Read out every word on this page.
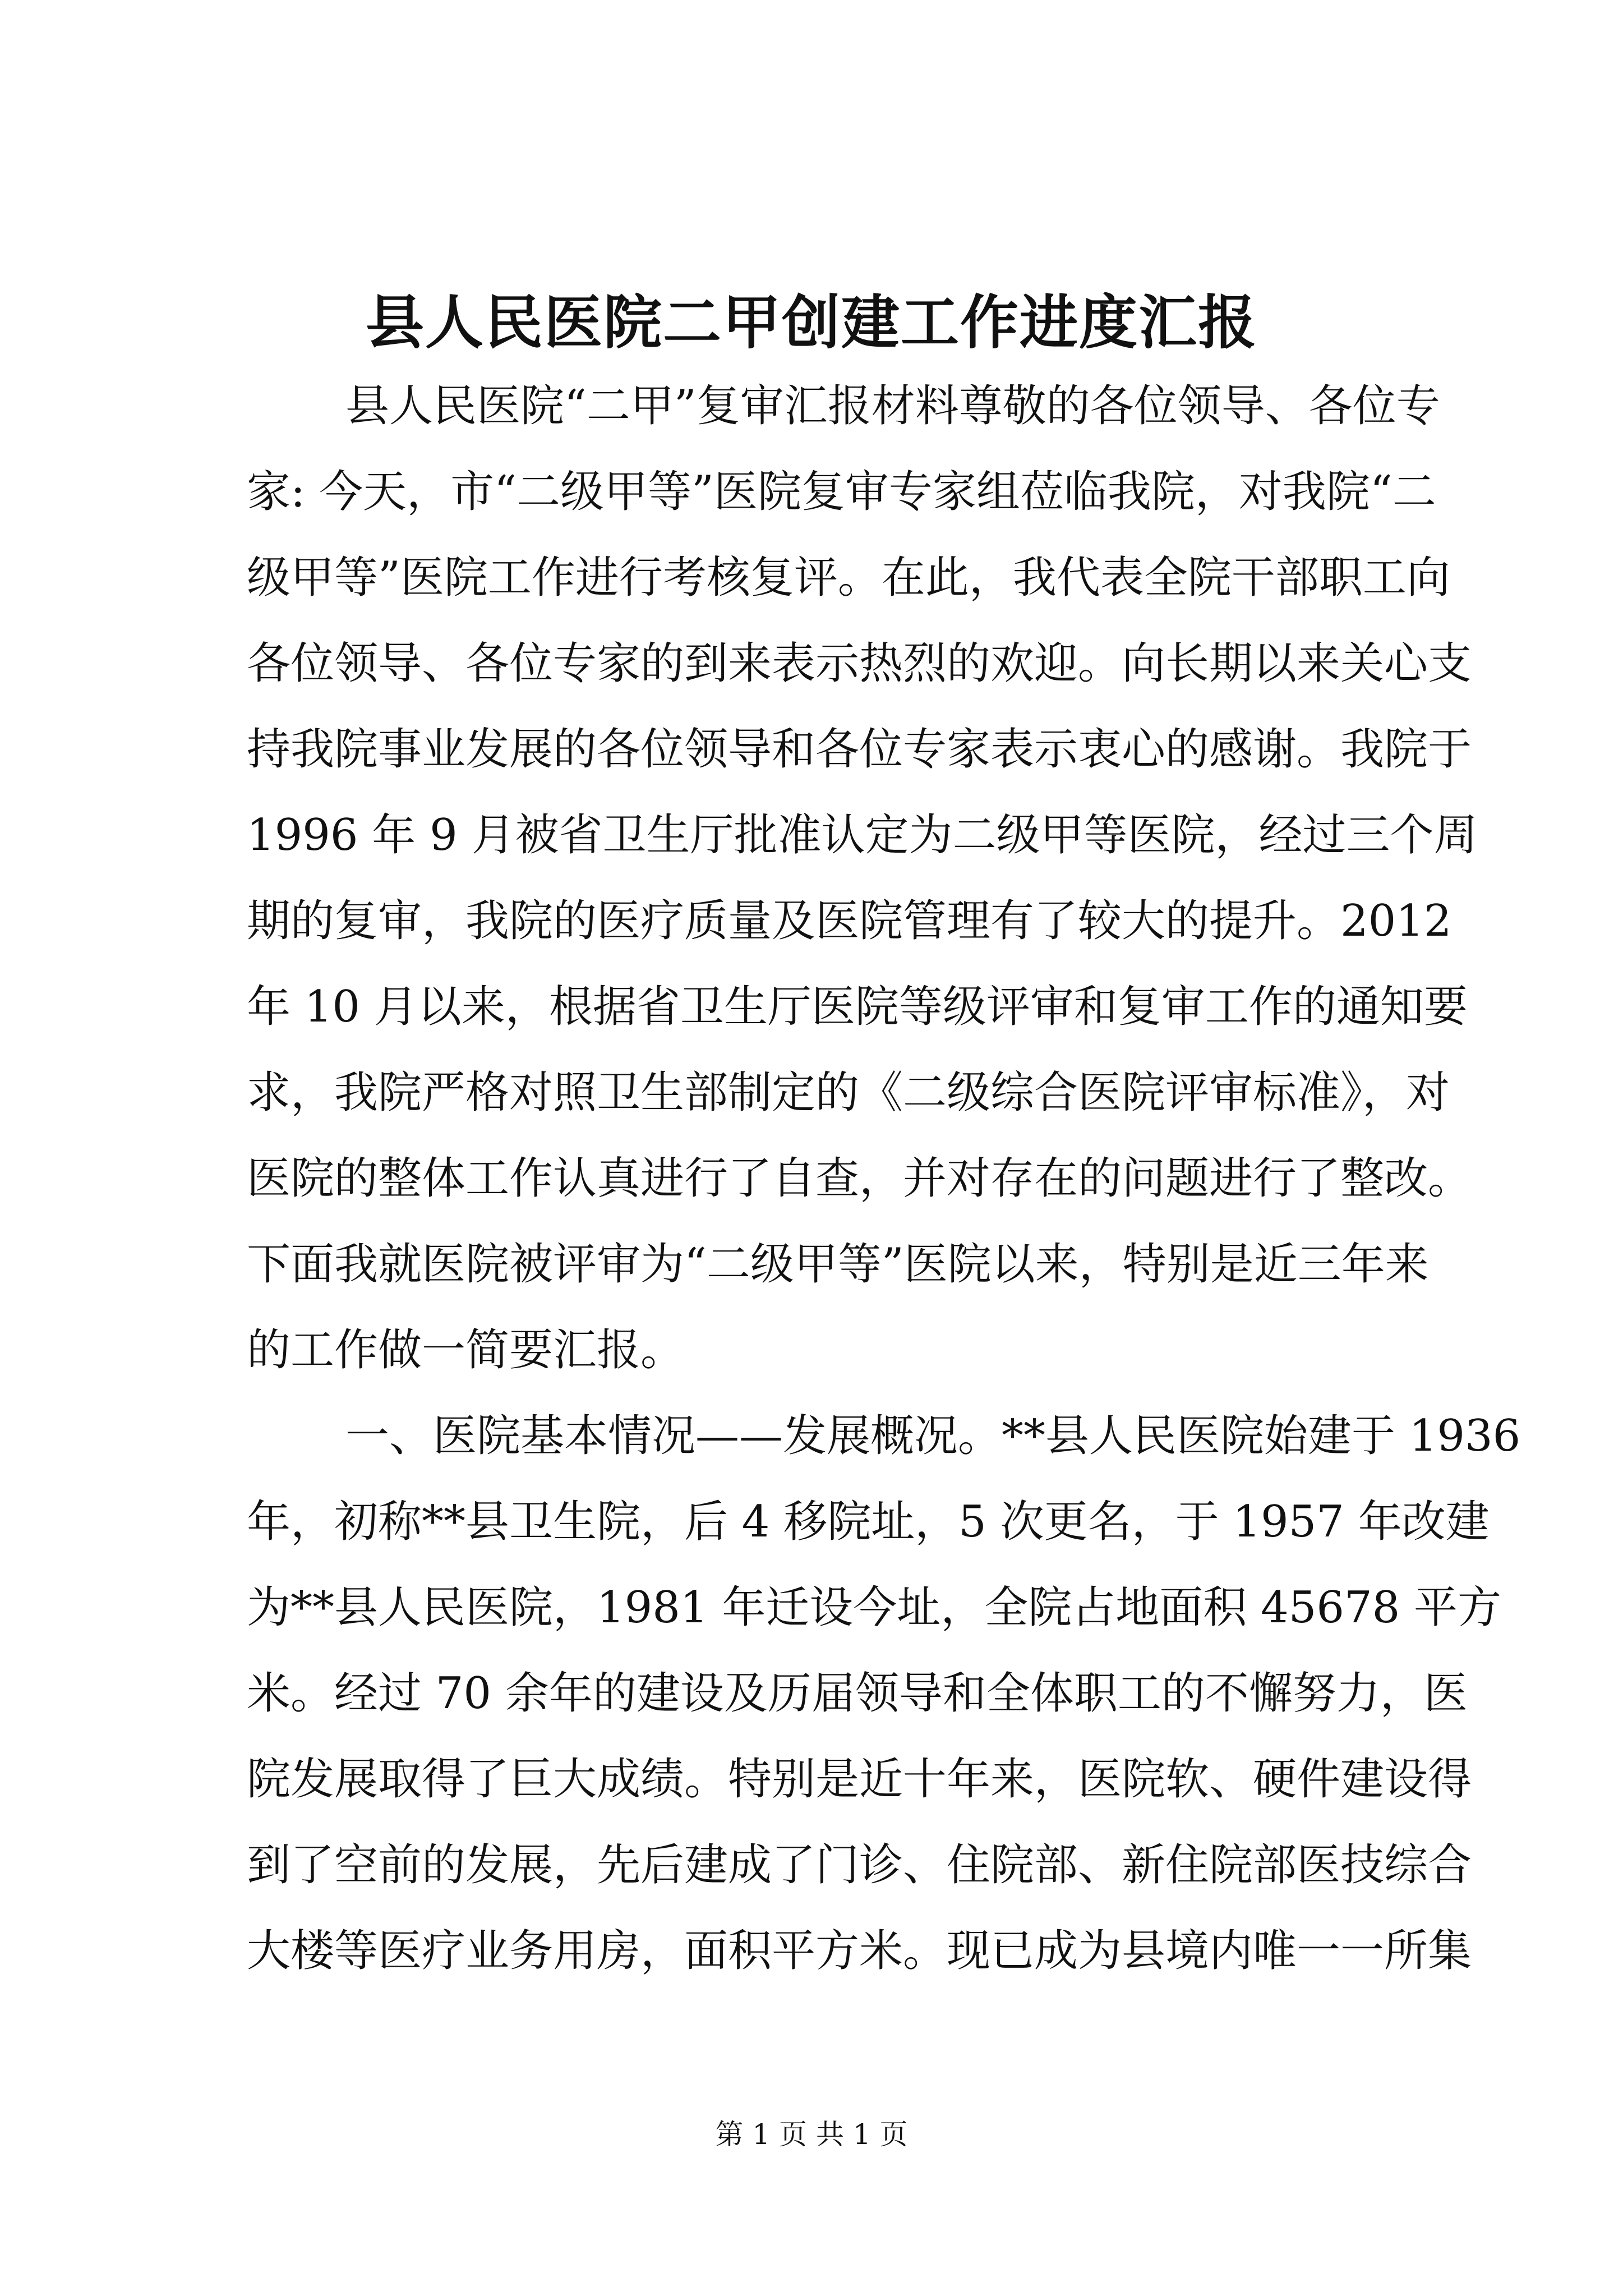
县人民医院二甲创建工作进度汇报
县人民医院“二甲”复审汇报材料尊敬的各位领导、各位专
家: 今天，市“二级甲等”医院复审专家组莅临我院，对我院“二
级甲等”医院工作进行考核复评。在此，我代表全院干部职工向
各位领导、各位专家的到来表示热烈的欢迎。向长期以来关心支
持我院事业发展的各位领导和各位专家表示衷心的感谢。我院于
1996 年 9 月被省卫生厅批准认定为二级甲等医院，经过三个周
期的复审，我院的医疗质量及医院管理有了较大的提升。2012
年 10 月以来，根据省卫生厅医院等级评审和复审工作的通知要
求，我院严格对照卫生部制定的《二级综合医院评审标准》，对
医院的整体工作认真进行了自查，并对存在的问题进行了整改。
下面我就医院被评审为“二级甲等”医院以来，特别是近三年来
的工作做一简要汇报。
一、医院基本情况——发展概况。**县人民医院始建于 1936
年，初称**县卫生院，后 4 移院址，5 次更名，于 1957 年改建
为**县人民医院，1981 年迁设今址，全院占地面积 45678 平方
米。经过 70 余年的建设及历届领导和全体职工的不懈努力，医
院发展取得了巨大成绩。特别是近十年来，医院软、硬件建设得
到了空前的发展，先后建成了门诊、住院部、新住院部医技综合
大楼等医疗业务用房，面积平方米。现已成为县境内唯一一所集
第 1 页 共 1 页
